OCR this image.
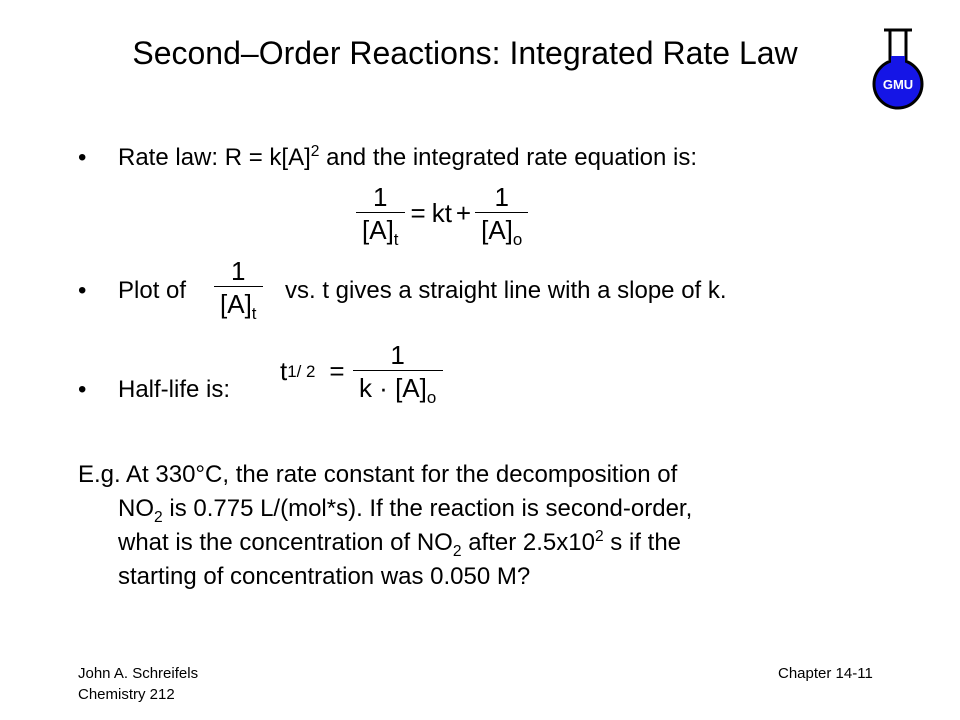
Second–Order Reactions: Integrated Rate Law
GMU
• Rate law: $R = k[A]^2$ and the integrated rate equation is:
$\frac{1}{[A]_t}$ = kt + $\frac{1}{[A]_o}$
• Plot of $\frac{1}{[A]_t}$ vs. t gives a straight line with a slope of k.
• Half-life is:
t 1/ $2 = \frac{1}{k \cdot [A]_o}$
E.g. At 330°C, the rate constant for the decomposition of
$NO_2$ is 0.775 L/(mol*s). If the reaction is second-order,
what is the concentration of $NO_2$ after $2.5x10^2$ s if the
starting of concentration was 0.050 M?
John A. Schreifels
Chemistry 212
Chapter 14-11
